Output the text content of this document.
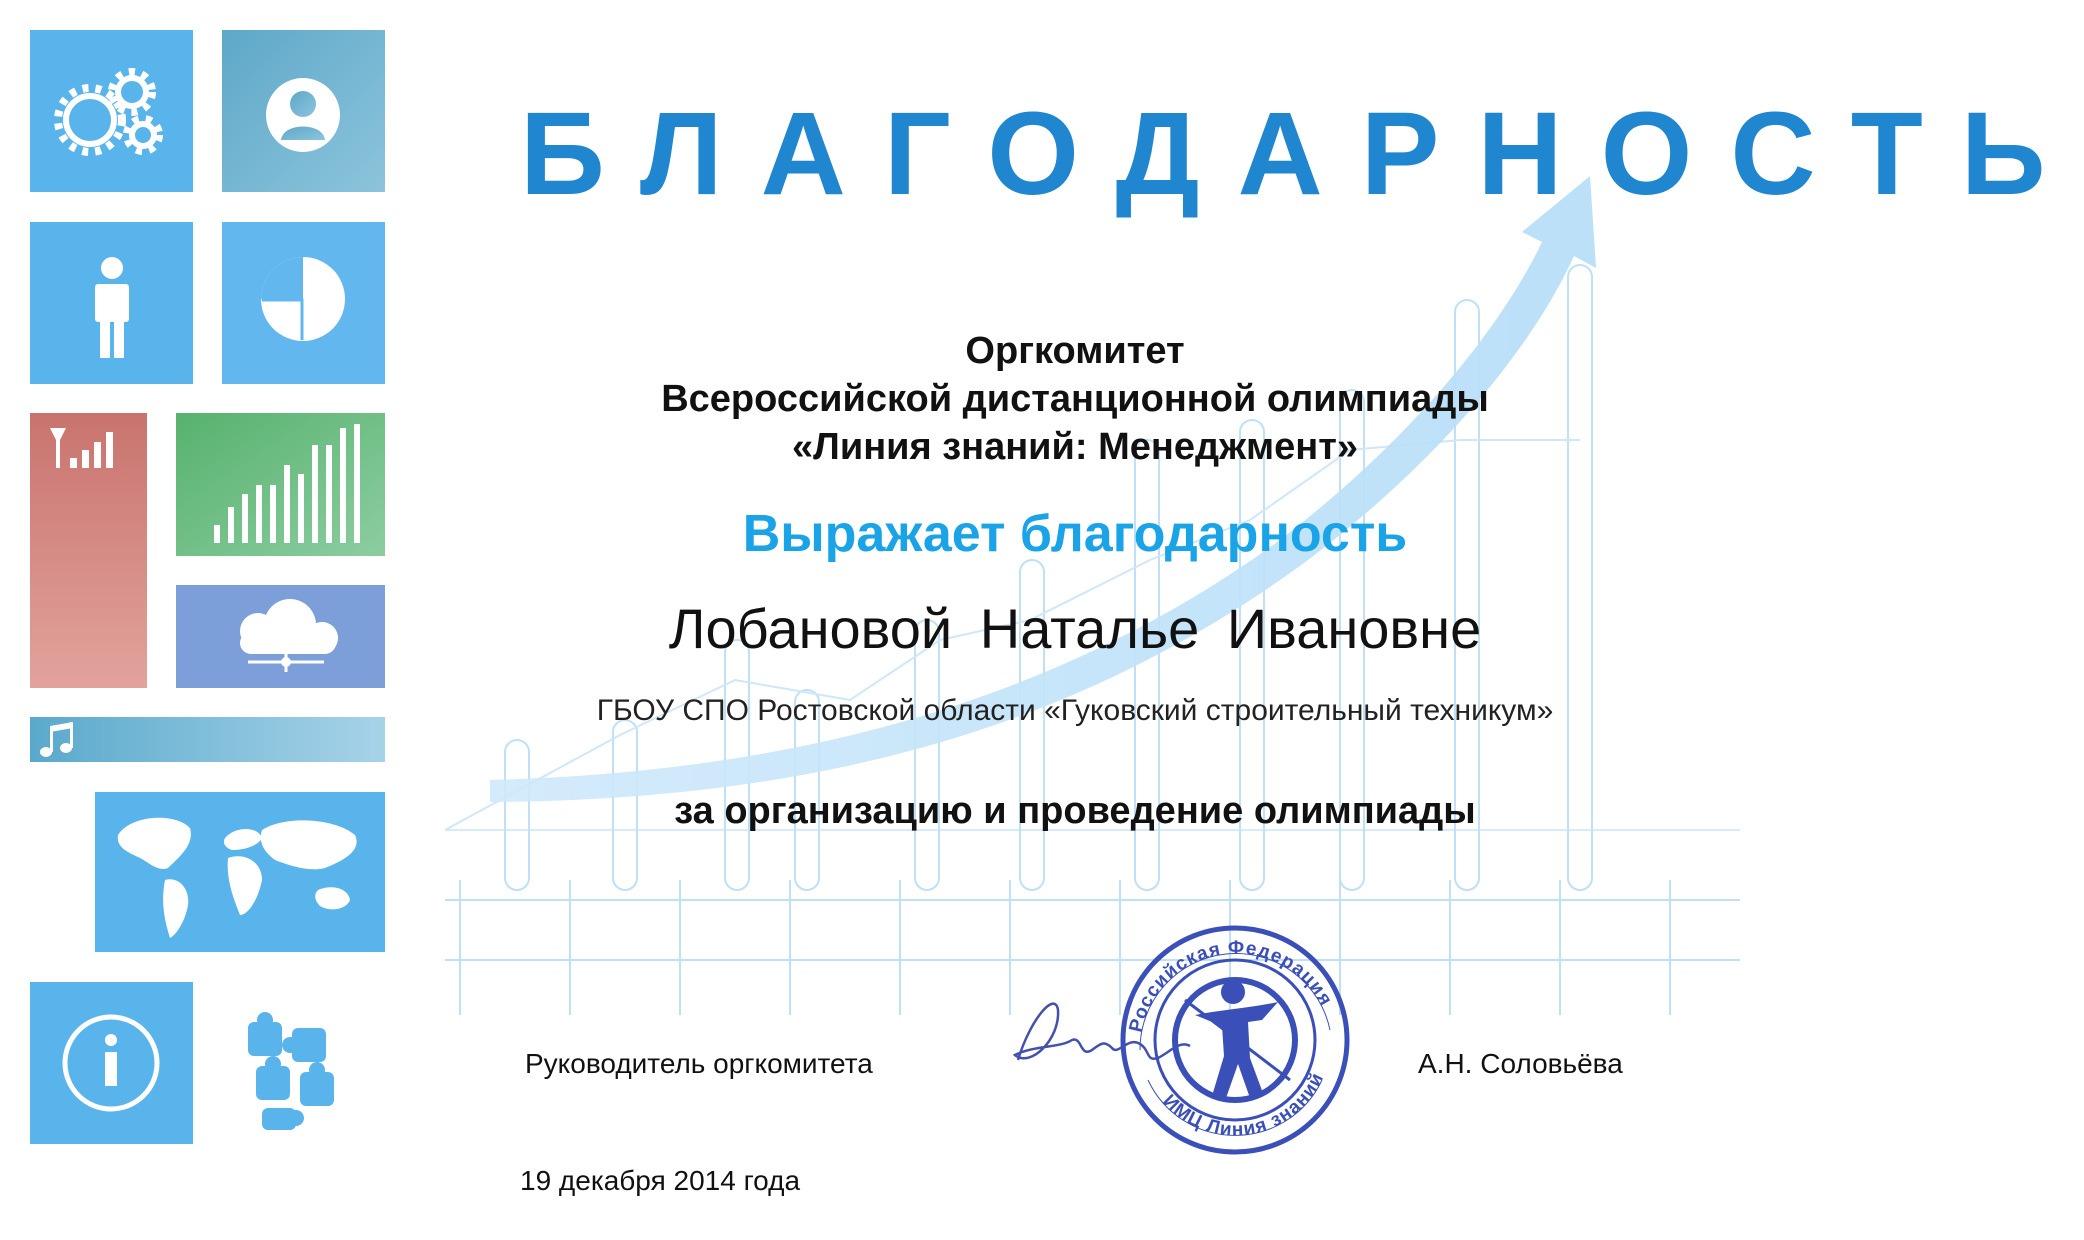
Российская Федерация
ИМЦ Линия знаний
БЛАГОДАРНОСТЬ
Оргкомитет
Всероссийской дистанционной олимпиады
«Линия знаний: Менеджмент»
Выражает благодарность
Лобановой Наталье Ивановне
ГБОУ СПО Ростовской области «Гуковский строительный техникум»
за организацию и проведение олимпиады
Руководитель оргкомитета	А.Н. Соловьёва
19 декабря 2014 года
